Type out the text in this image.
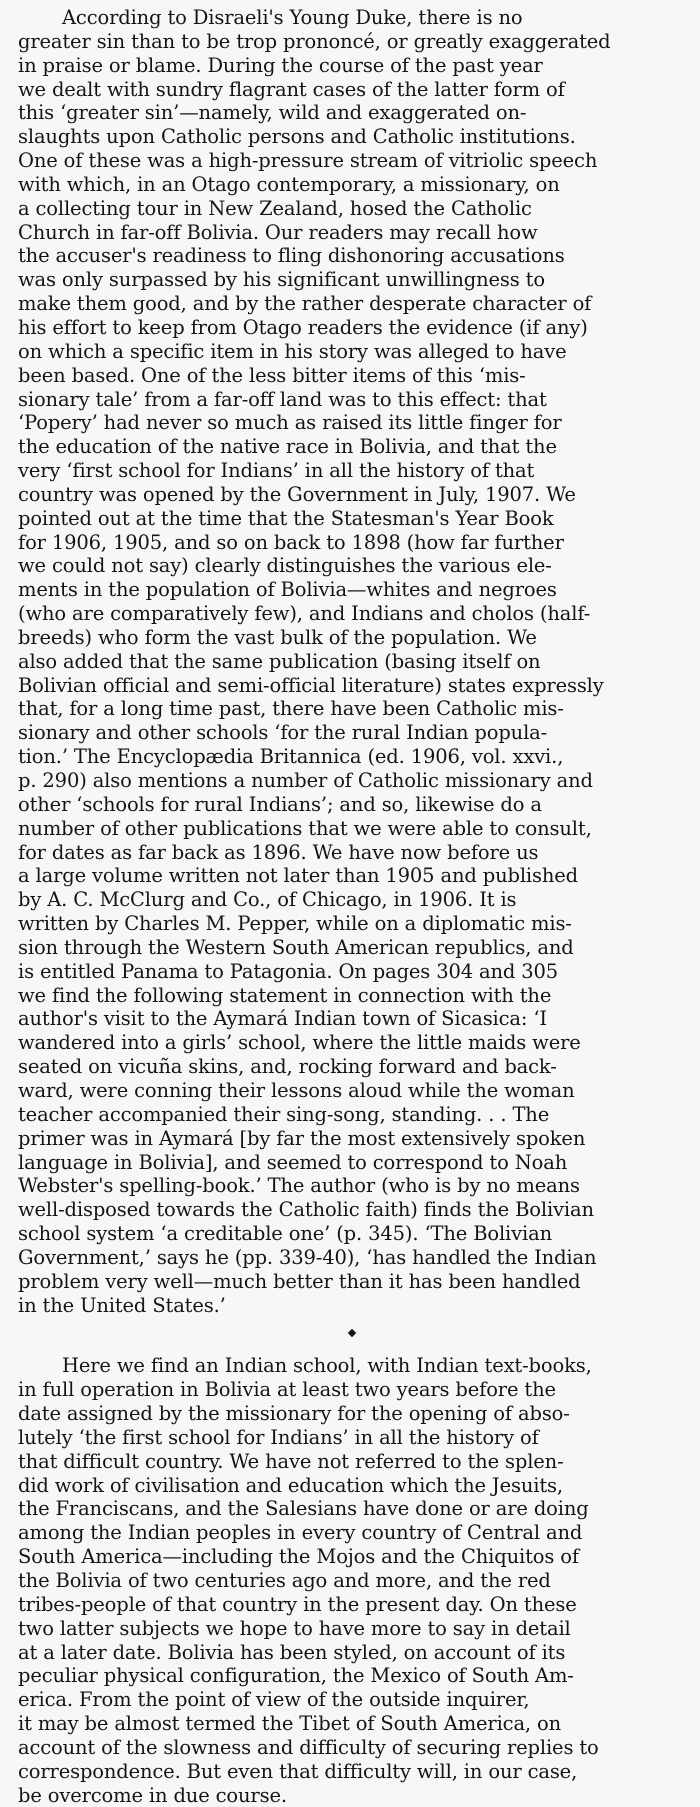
According to Disraeli's Young Duke, there is no
greater sin than to be trop prononcé, or greatly exaggerated
in praise or blame. During the course of the past year
we dealt with sundry flagrant cases of the latter form of
this ‘greater sin’—namely, wild and exaggerated on-
slaughts upon Catholic persons and Catholic institutions.
One of these was a high-pressure stream of vitriolic speech
with which, in an Otago contemporary, a missionary, on
a collecting tour in New Zealand, hosed the Catholic
Church in far-off Bolivia. Our readers may recall how
the accuser's readiness to fling dishonoring accusations
was only surpassed by his significant unwillingness to
make them good, and by the rather desperate character of
his effort to keep from Otago readers the evidence (if any)
on which a specific item in his story was alleged to have
been based. One of the less bitter items of this ‘mis-
sionary tale’ from a far-off land was to this effect: that
‘Popery’ had never so much as raised its little finger for
the education of the native race in Bolivia, and that the
very ‘first school for Indians’ in all the history of that
country was opened by the Government in July, 1907. We
pointed out at the time that the Statesman's Year Book
for 1906, 1905, and so on back to 1898 (how far further
we could not say) clearly distinguishes the various ele-
ments in the population of Bolivia—whites and negroes
(who are comparatively few), and Indians and cholos (half-
breeds) who form the vast bulk of the population. We
also added that the same publication (basing itself on
Bolivian official and semi-official literature) states expressly
that, for a long time past, there have been Catholic mis-
sionary and other schools ‘for the rural Indian popula-
tion.’ The Encyclopædia Britannica (ed. 1906, vol. xxvi.,
p. 290) also mentions a number of Catholic missionary and
other ‘schools for rural Indians’; and so, likewise do a
number of other publications that we were able to consult,
for dates as far back as 1896. We have now before us
a large volume written not later than 1905 and published
by A. C. McClurg and Co., of Chicago, in 1906. It is
written by Charles M. Pepper, while on a diplomatic mis-
sion through the Western South American republics, and
is entitled Panama to Patagonia. On pages 304 and 305
we find the following statement in connection with the
author's visit to the Aymará Indian town of Sicasica: ‘I
wandered into a girls’ school, where the little maids were
seated on vicuña skins, and, rocking forward and back-
ward, were conning their lessons aloud while the woman
teacher accompanied their sing-song, standing. . . The
primer was in Aymará [by far the most extensively spoken
language in Bolivia], and seemed to correspond to Noah
Webster's spelling-book.’ The author (who is by no means
well-disposed towards the Catholic faith) finds the Bolivian
school system ‘a creditable one’ (p. 345). ‘The Bolivian
Government,’ says he (pp. 339-40), ‘has handled the Indian
problem very well—much better than it has been handled
in the United States.’
Here we find an Indian school, with Indian text-books,
in full operation in Bolivia at least two years before the
date assigned by the missionary for the opening of abso-
lutely ‘the first school for Indians’ in all the history of
that difficult country. We have not referred to the splen-
did work of civilisation and education which the Jesuits,
the Franciscans, and the Salesians have done or are doing
among the Indian peoples in every country of Central and
South America—including the Mojos and the Chiquitos of
the Bolivia of two centuries ago and more, and the red
tribes-people of that country in the present day. On these
two latter subjects we hope to have more to say in detail
at a later date. Bolivia has been styled, on account of its
peculiar physical configuration, the Mexico of South Am-
erica. From the point of view of the outside inquirer,
it may be almost termed the Tibet of South America, on
account of the slowness and difficulty of securing replies to
correspondence. But even that difficulty will, in our case,
be overcome in due course.
